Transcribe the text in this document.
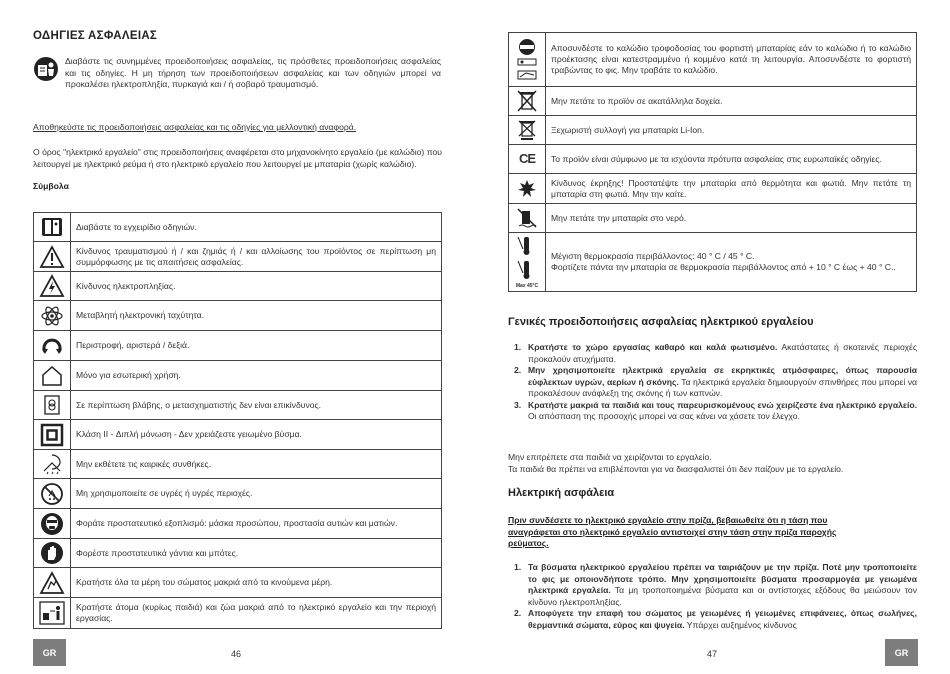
ΟΔΗΓΙΕΣ ΑΣΦΑΛΕΙΑΣ
Διαβάστε τις συνημμένες προειδοποιήσεις ασφαλείας, τις πρόσθετες προειδοποιήσεις ασφαλείας και τις οδηγίες. Η μη τήρηση των προειδοποιήσεων ασφαλείας και των οδηγιών μπορεί να προκαλέσει ηλεκτροπληξία, πυρκαγιά και / ή σοβαρό τραυματισμό.
Αποθηκεύστε τις προειδοποιήσεις ασφαλείας και τις οδηγίες για μελλοντική αναφορά.
Ο όρος "ηλεκτρικό εργαλείο" στις προειδοποιήσεις αναφέρεται στο μηχανοκίνητο εργαλείο (με καλώδιο) που λειτουργεί με ηλεκτρικό ρεύμα ή στο ηλεκτρικό εργαλείο που λειτουργεί με μπαταρία (χωρίς καλώδιο).
Σύμβολα
	Διαβάστε το εγχειρίδιο οδηγιών.

	Κίνδυνος τραυματισμού ή / και ζημιάς ή / και αλλοίωσης του προϊόντος σε περίπτωση μη συμμόρφωσης με τις απαιτήσεις ασφαλείας.

	Κίνδυνος ηλεκτροπληξίας.

	Μεταβλητή ηλεκτρονική ταχύτητα.

	Περιστροφή, αριστερά / δεξιά.

	Μόνο για εσωτερική χρήση.

	Σε περίπτωση βλάβης, ο μετασχηματιστής δεν είναι επικίνδυνος.

	Κλάση II - Διπλή μόνωση - Δεν χρειάζεστε γειωμένο βύσμα.

	Μην εκθέτετε τις καιρικές συνθήκες.

	Μη χρησιμοποιείτε σε υγρές ή υγρές περιοχές.

	Φοράτε προστατευτικό εξοπλισμό: μάσκα προσώπου, προστασία αυτιών και ματιών.

	Φορέστε προστατευτικά γάντια και μπότες.

	Κρατήστε όλα τα μέρη του σώματος μακριά από τα κινούμενα μέρη.

	Κρατήστε άτομα (κυρίως παιδιά) και ζώα μακριά από το ηλεκτρικό εργαλείο και την περιοχή εργασίας.
GR	46
	Αποσυνδέστε το καλώδιο τροφοδοσίας του φορτιστή μπαταρίας εάν το καλώδιο ή το καλώδιο προέκτασης είναι κατεστραμμένο ή κομμένο κατά τη λειτουργία. Αποσυνδέστε το φορτιστή τραβώντας το φις. Μην τραβάτε το καλώδιο.

	Μην πετάτε το προϊόν σε ακατάλληλα δοχεία.

	Ξεχωριστή συλλογή για μπαταρία Li-Ion.
CE	Το προϊόν είναι σύμφωνο με τα ισχύοντα πρότυπα ασφαλείας στις ευρωπαϊκές οδηγίες.

	Κίνδυνος έκρηξης! Προστατέψτε την μπαταρία από θερμότητα και φωτιά. Μην πετάτε τη μπαταρία στη φωτιά. Μην την καίτε.

	Μην πετάτε την μπαταρία στο νερό.

Max 45°C	Μέγιστη θερμοκρασία περιβάλλοντος: 40 ° C / 45 ° C.
Φορτίζετε πάντα την μπαταρία σε θερμοκρασία περιβάλλοντος από + 10 ° C έως + 40 ° C..
Γενικές προειδοποιήσεις ασφαλείας ηλεκτρικού εργαλείου
1. Κρατήστε το χώρο εργασίας καθαρό και καλά φωτισμένο. Ακατάστατες ή σκοτεινές περιοχές προκαλούν ατυχήματα.
2. Μην χρησιμοποιείτε ηλεκτρικά εργαλεία σε εκρηκτικές ατμόσφαιρες, όπως παρουσία εύφλεκτων υγρών, αερίων ή σκόνης. Τα ηλεκτρικά εργαλεία δημιουργούν σπινθήρες που μπορεί να προκαλέσουν ανάφλεξη της σκόνης ή των καπνών.
3. Κρατήστε μακριά τα παιδιά και τους παρευρισκομένους ενώ χειρίζεστε ένα ηλεκτρικό εργαλείο. Οι απόσπαση της προσοχής μπορεί να σας κάνει να χάσετε τον έλεγχο.
Μην επιτρέπετε στα παιδιά να χειρίζονται το εργαλείο.
Τα παιδιά θα πρέπει να επιβλέπονται για να διασφαλιστεί ότι δεν παίζουν με το εργαλείο.
Ηλεκτρική ασφάλεια
Πριν συνδέσετε το ηλεκτρικό εργαλείο στην πρίζα, βεβαιωθείτε ότι η τάση που αναγράφεται στο ηλεκτρικό εργαλείο αντιστοιχεί στην τάση στην πρίζα παροχής ρεύματος.
1. Τα βύσματα ηλεκτρικού εργαλείου πρέπει να ταιριάζουν με την πρίζα. Ποτέ μην τροποποιείτε το φις με οποιονδήποτε τρόπο. Μην χρησιμοποιείτε βύσματα προσαρμογέα με γειωμένα ηλεκτρικά εργαλεία. Τα μη τροποποιημένα βύσματα και οι αντίστοιχες εξόδους θα μειώσουν τον κίνδυνο ηλεκτροπληξίας.
2. Αποφύγετε την επαφή του σώματος με γειωμένες ή γειωμένες επιφάνειες, όπως σωλήνες, θερμαντικά σώματα, εύρος και ψυγεία. Υπάρχει αυξημένος κίνδυνος
47	GR
